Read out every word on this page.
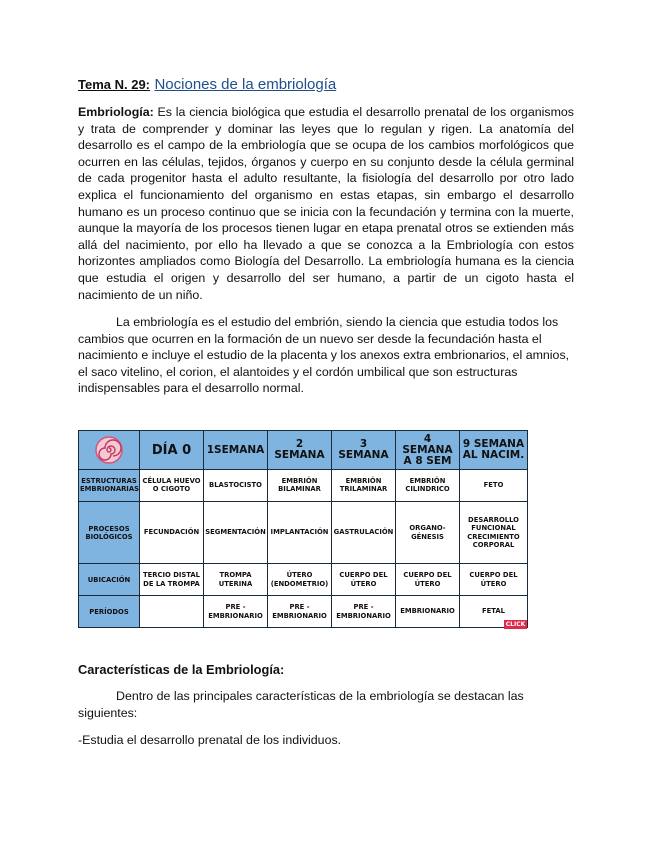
Tema N. 29: Nociones de la embriología

Embriología: Es la ciencia biológica que estudia el desarrollo prenatal de los organismos y trata de comprender y dominar las leyes que lo regulan y rigen. La anatomía del desarrollo es el campo de la embriología que se ocupa de los cambios morfológicos que ocurren en las células, tejidos, órganos y cuerpo en su conjunto desde la célula germinal de cada progenitor hasta el adulto resultante, la fisiología del desarrollo por otro lado explica el funcionamiento del organismo en estas etapas, sin embargo el desarrollo humano es un proceso continuo que se inicia con la fecundación y termina con la muerte, aunque la mayoría de los procesos tienen lugar en etapa prenatal otros se extienden más allá del nacimiento, por ello ha llevado a que se conozca a la Embriología con estos horizontes ampliados como Biología del Desarrollo. La embriología humana es la ciencia que estudia el origen y desarrollo del ser humano, a partir de un cigoto hasta el nacimiento de un niño.

La embriología es el estudio del embrión, siendo la ciencia que estudia todos los cambios que ocurren en la formación de un nuevo ser desde la fecundación hasta el nacimiento e incluye el estudio de la placenta y los anexos extra embrionarios, el amnios, el saco vitelino, el corion, el alantoides y el cordón umbilical que son estructuras indispensables para el desarrollo normal.

	DÍA 0	1SEMANA	2 SEMANA	3 SEMANA	4 SEMANA A 8 SEM	9 SEMANA AL NACIM.
ESTRUCTURAS EMBRIONARIAS	CÉLULA HUEVO O CIGOTO	BLASTOCISTO	EMBRIÓN BILAMINAR	EMBRIÓN TRILAMINAR	EMBRIÓN CILINDRICO	FETO
PROCESOS BIOLÓGICOS	FECUNDACIÓN	SEGMENTACIÓN	IMPLANTACIÓN	GASTRULACIÓN	ORGANO-GÉNESIS	DESARROLLO FUNCIONAL CRECIMIENTO CORPORAL
UBICACIÓN	TERCIO DISTAL DE LA TROMPA	TROMPA UTERINA	ÚTERO (ENDOMETRIO)	CUERPO DEL ÚTERO	CUERPO DEL ÚTERO	CUERPO DEL ÚTERO
PERÍODOS		PRE - EMBRIONARIO	PRE - EMBRIONARIO	PRE - EMBRIONARIO	EMBRIONARIO	FETAL
CLICK
Características de la Embriología:

Dentro de las principales características de la embriología se destacan las siguientes:

-Estudia el desarrollo prenatal de los individuos.
